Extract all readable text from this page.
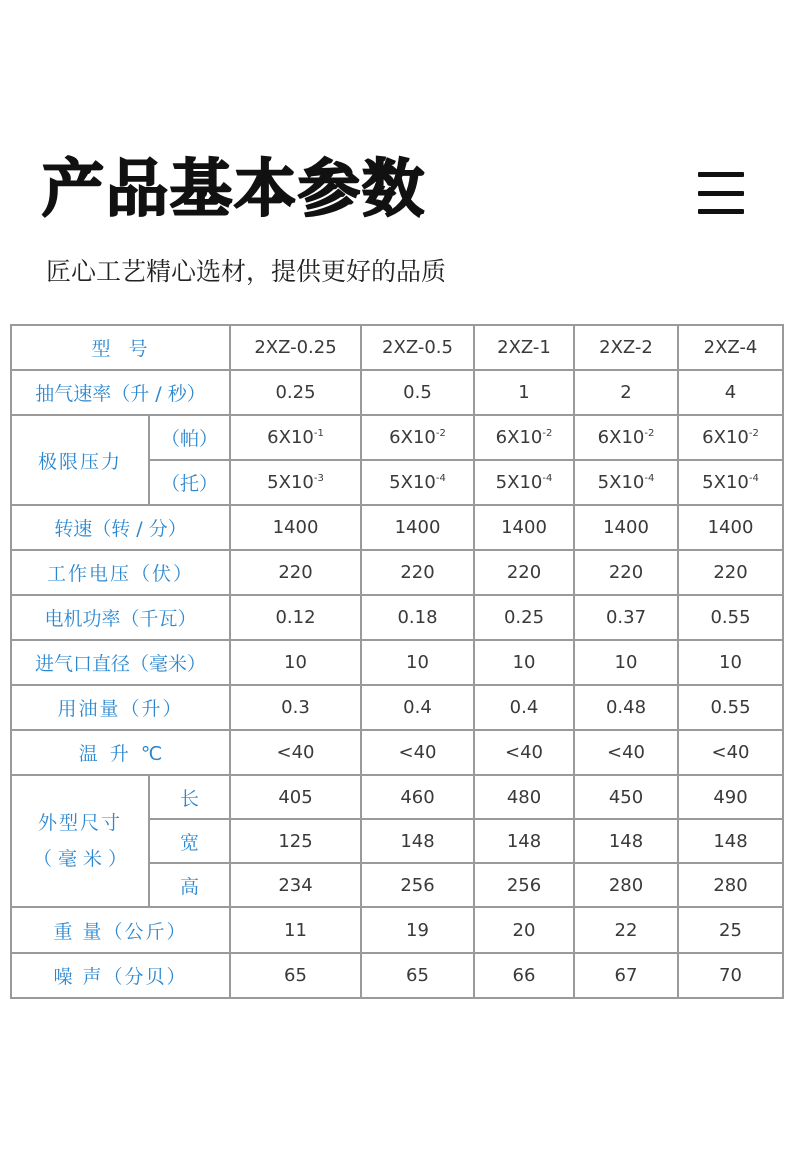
产品基本参数
匠心工艺精心选材，提供更好的品质
型  号		2XZ-0.25	2XZ-0.5	2XZ-1	2XZ-2	2XZ-4
抽气速率（升 / 秒）		0.25	0.5	1	2	4
极限压力	（帕）	$6X10^{-1}$	$6X10^{-2}$	$6X10^{-2}$	$6X10^{-2}$	$6X10^{-2}$
	（托）	$5X10^{-3}$	$5X10^{-4}$	$5X10^{-4}$	$5X10^{-4}$	$5X10^{-4}$
转速（转 / 分）		1400	1400	1400	1400	1400
工作电压（伏）		220	220	220	220	220
电机功率（千瓦）		0.12	0.18	0.25	0.37	0.55
进气口直径（毫米）		10	10	10	10	10
用油量（升）		0.3	0.4	0.4	0.48	0.55
温  升  ℃		<40	<40	<40	<40	<40

外型尺寸
（ 毫 米 ）	长	405	460	480	450	490
	宽	125	148	148	148	148
	高	234	256	256	280	280
重 量（公斤）		11	19	20	22	25
噪 声（分贝）		65	65	66	67	70
